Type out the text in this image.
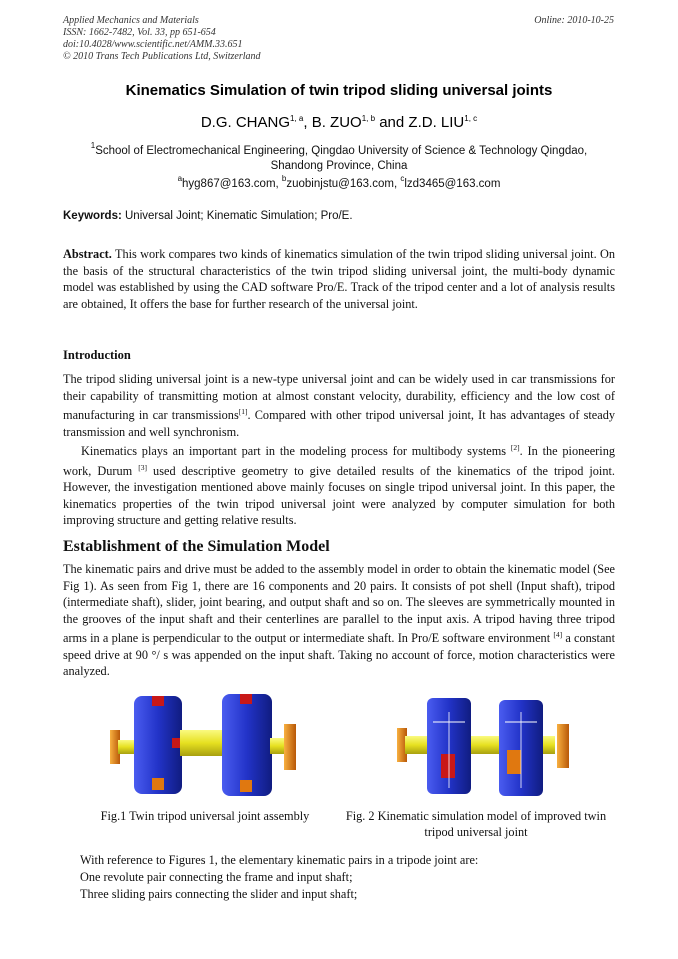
Applied Mechanics and Materials
ISSN: 1662-7482, Vol. 33, pp 651-654
doi:10.4028/www.scientific.net/AMM.33.651
© 2010 Trans Tech Publications Ltd, Switzerland
Online: 2010-10-25
Kinematics Simulation of twin tripod sliding universal joints
D.G. CHANG$^{1, a}$, B. ZUO$^{1, b}$ and Z.D. LIU$^{1, c}$
$^1$School of Electromechanical Engineering, Qingdao University of Science & Technology Qingdao, Shandong Province, China
$^a$hyg867@163.com, $^b$zuobinjstu@163.com, $^c$lzd3465@163.com
Keywords: Universal Joint; Kinematic Simulation; Pro/E.
Abstract. This work compares two kinds of kinematics simulation of the twin tripod sliding universal joint. On the basis of the structural characteristics of the twin tripod sliding universal joint, the multi-body dynamic model was established by using the CAD software Pro/E. Track of the tripod center and a lot of analysis results are obtained, It offers the base for further research of the universal joint.
Introduction
The tripod sliding universal joint is a new-type universal joint and can be widely used in car transmissions for their capability of transmitting motion at almost constant velocity, durability, efficiency and the low cost of manufacturing in car transmissions[1]. Compared with other tripod universal joint, It has advantages of steady transmission and well synchronism.
Kinematics plays an important part in the modeling process for multibody systems [2]. In the pioneering work, Durum [3] used descriptive geometry to give detailed results of the kinematics of the tripod joint. However, the investigation mentioned above mainly focuses on single tripod universal joint. In this paper, the kinematics properties of the twin tripod universal joint were analyzed by computer simulation for both improving structure and getting relative results.
Establishment of the Simulation Model
The kinematic pairs and drive must be added to the assembly model in order to obtain the kinematic model (See Fig 1). As seen from Fig 1, there are 16 components and 20 pairs. It consists of pot shell (Input shaft), tripod (intermediate shaft), slider, joint bearing, and output shaft and so on. The sleeves are symmetrically mounted in the grooves of the input shaft and their centerlines are parallel to the input axis. A tripod having three tripod arms in a plane is perpendicular to the output or intermediate shaft. In Pro/E software environment [4] a constant speed drive at 90 °/ s was appended on the input shaft. Taking no account of force, motion characteristics were analyzed.
Fig.1 Twin tripod universal joint assembly	Fig. 2 Kinematic simulation model of improved twin tripod universal joint
With reference to Figures 1, the elementary kinematic pairs in a tripode joint are:
One revolute pair connecting the frame and input shaft;
Three sliding pairs connecting the slider and input shaft;
